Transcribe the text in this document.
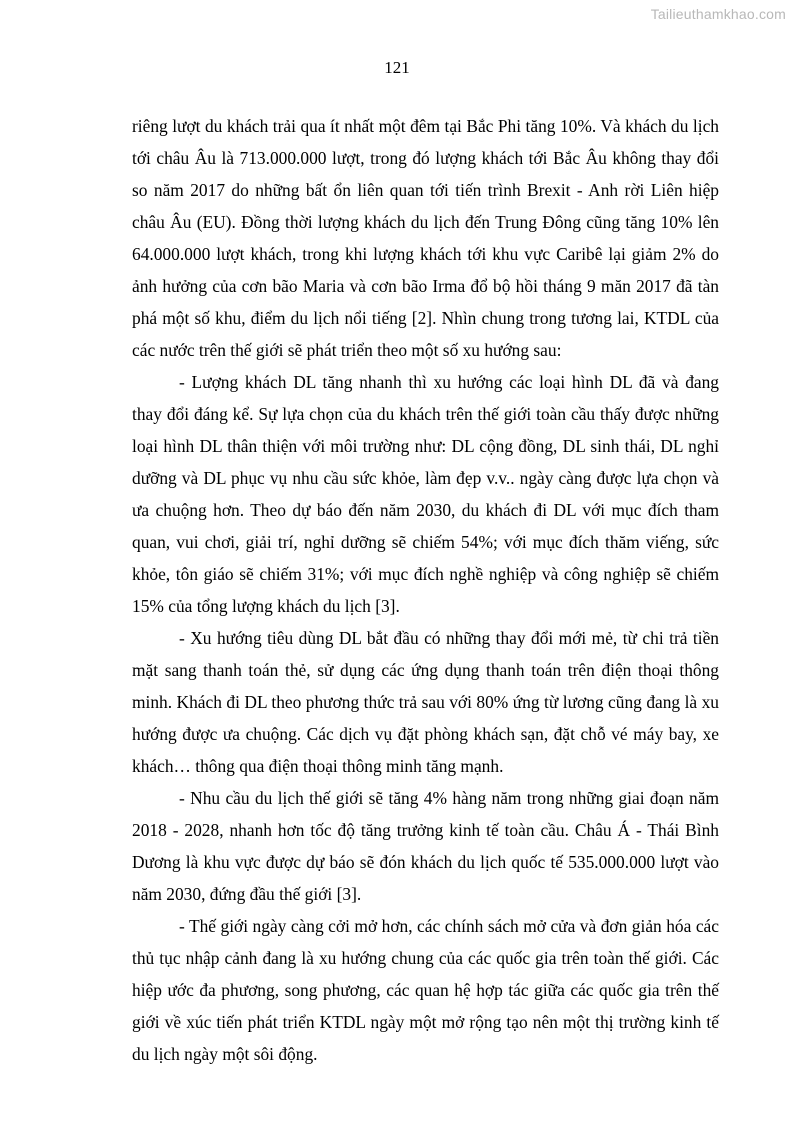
Tailieuthamkhao.com
121
riêng lượt du khách trải qua ít nhất một đêm tại Bắc Phi tăng 10%. Và khách du lịch
tới châu Âu là 713.000.000 lượt, trong đó lượng khách tới Bắc Âu không thay đổi
so năm 2017 do những bất ổn liên quan tới tiến trình Brexit - Anh rời Liên hiệp
châu Âu (EU). Đồng thời lượng khách du lịch đến Trung Đông cũng tăng 10% lên
64.000.000 lượt khách, trong khi lượng khách tới khu vực Caribê lại giảm 2% do
ảnh hưởng của cơn bão Maria và cơn bão Irma đổ bộ hồi tháng 9 măn 2017 đã tàn
phá một số khu, điểm du lịch nổi tiếng [2]. Nhìn chung trong tương lai, KTDL của
các nước trên thế giới sẽ phát triển theo một số xu hướng sau:
- Lượng khách DL tăng nhanh thì xu hướng các loại hình DL đã và đang
thay đổi đáng kể. Sự lựa chọn của du khách trên thế giới toàn cầu thấy được những
loại hình DL thân thiện với môi trường như: DL cộng đồng, DL sinh thái, DL nghỉ
dưỡng và DL phục vụ nhu cầu sức khỏe, làm đẹp v.v.. ngày càng được lựa chọn và
ưa chuộng hơn. Theo dự báo đến năm 2030, du khách đi DL với mục đích tham
quan, vui chơi, giải trí, nghỉ dưỡng sẽ chiếm 54%; với mục đích thăm viếng, sức
khỏe, tôn giáo sẽ chiếm 31%; với mục đích nghề nghiệp và công nghiệp sẽ chiếm
15% của tổng lượng khách du lịch [3].
- Xu hướng tiêu dùng DL bắt đầu có những thay đổi mới mẻ, từ chi trả tiền
mặt sang thanh toán thẻ, sử dụng các ứng dụng thanh toán trên điện thoại thông
minh. Khách đi DL theo phương thức trả sau với 80% ứng từ lương cũng đang là xu
hướng được ưa chuộng. Các dịch vụ đặt phòng khách sạn, đặt chỗ vé máy bay, xe
khách… thông qua điện thoại thông minh tăng mạnh.
- Nhu cầu du lịch thế giới sẽ tăng 4% hàng năm trong những giai đoạn năm
2018 - 2028, nhanh hơn tốc độ tăng trưởng kinh tế toàn cầu. Châu Á - Thái Bình
Dương là khu vực được dự báo sẽ đón khách du lịch quốc tế 535.000.000 lượt vào
năm 2030, đứng đầu thế giới [3].
- Thế giới ngày càng cởi mở hơn, các chính sách mở cửa và đơn giản hóa các
thủ tục nhập cảnh đang là xu hướng chung của các quốc gia trên toàn thế giới. Các
hiệp ước đa phương, song phương, các quan hệ hợp tác giữa các quốc gia trên thế
giới về xúc tiến phát triển KTDL ngày một mở rộng tạo nên một thị trường kinh tế
du lịch ngày một sôi động.
